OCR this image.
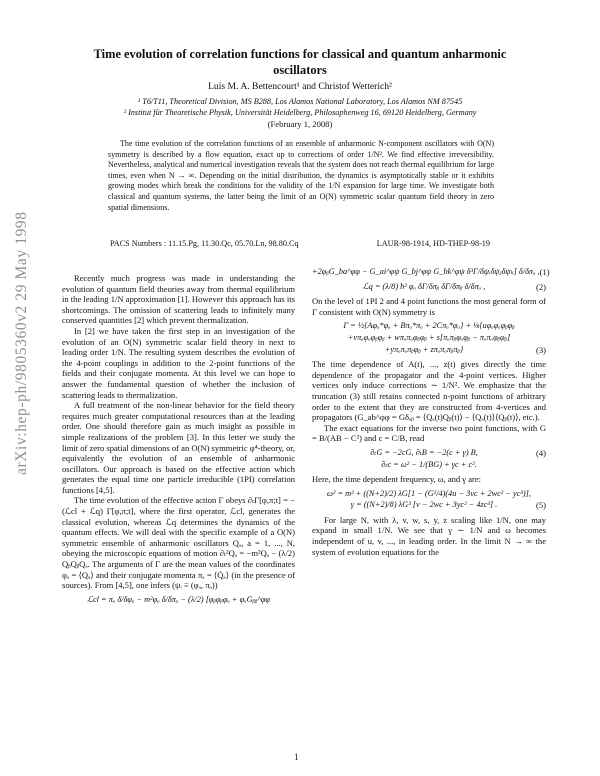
arXiv:hep-ph/9805360v2 29 May 1998
Time evolution of correlation functions for classical and quantum anharmonic
oscillators
Luís M. A. Bettencourt¹ and Christof Wetterich²
¹ T6/T11, Theoretical Division, MS B288, Los Alamos National Laboratory, Los Alamos NM 87545
² Institut für Theoretische Physik, Universität Heidelberg, Philosophenweg 16, 69120 Heidelberg, Germany
(February 1, 2008)
The time evolution of the correlation functions of an ensemble of anharmonic N-component oscillators with O(N) symmetry is described by a flow equation, exact up to corrections of order 1/N². We find effective irreversibility. Nevertheless, analytical and numerical investigation reveals that the system does not reach thermal equilibrium for large times, even when N → ∞. Depending on the initial distribution, the dynamics is asymptotically stable or it exhibits growing modes which break the conditions for the validity of the 1/N expansion for large time. We investigate both classical and quantum systems, the latter being the limit of an O(N) symmetric scalar quantum field theory in zero spatial dimensions.
PACS Numbers : 11.15.Pg, 11.30.Qc, 05.70.Ln, 98.80.Cq	LAUR-98-1914, HD-THEP-98-19

Recently much progress was made in understanding the evolution of quantum field theories away from thermal equilibrium in the leading 1/N approximation [1]. However this approach has its shortcomings. The omission of scattering leads to infinitely many conserved quantities [2] which prevent thermalization.

In [2] we have taken the first step in an investigation of the evolution of an O(N) symmetric scalar field theory in next to leading order 1/N. The resulting system describes the evolution of the 4-point couplings in addition to the 2-point functions of the fields and their conjugate momenta. At this level we can hope to answer the fundamental question of whether the inclusion of scattering leads to thermalization.

A full treatment of the non-linear behavior for the field theory requires much greater computational resources than at the leading order. One should therefore gain as much insight as possible in simple realizations of the problem [3]. In this letter we study the limit of zero spatial dimensions of an O(N) symmetric φ⁴-theory, or, equivalently the evolution of an ensemble of anharmonic oscillators. Our approach is based on the effective action which generates the equal time one particle irreducible (1PI) correlation functions [4,5].

The time evolution of the effective action Γ obeys ∂ₜΓ[φ,π;t] = −(ℒcl + ℒq) Γ[φ,π;t], where the first operator, ℒcl, generates the classical evolution, whereas ℒq determines the dynamics of the quantum effects. We will deal with the specific example of a O(N) symmetric ensemble of anharmonic oscillators Qₐ, a = 1, ..., N, obeying the microscopic equations of motion ∂ₜ²Qₐ = −m²Qₐ − (λ/2) QᵦQᵦQₐ. The arguments of Γ are the mean values of the coordinates φₐ = ⟨Qₐ⟩ and their conjugate momenta πₐ = ⟨Q̇ₐ⟩ (in the presence of sources). From [4,5], one infers (ψᵢ ≡ (φₐ, πₐ))

ℒcl = πₐ δ/δφₐ − m²φₐ δ/δπₐ − (λ/2) [φᵦφᵦφₐ + φₐGᵦᵦ^φφ
+2φᵦG_ba^φφ − G_ai^φψ G_bj^φψ G_bk^φψ δ³Γ/δψᵢδψⱼδψₖ] δ/δπₐ , (1)
ℒq = (λ/8) ħ² φₐ δΓ/δπᵦ δΓ/δπᵦ δ/δπₐ ,	(2)

On the level of 1PI 2 and 4 point functions the most general form of Γ consistent with O(N) symmetry is

Γ = ½{Aφₐ*φₐ + Bπₐ*πₐ + 2Cπₐ*φₐ} + ⅛{uφₐφₐφᵦφᵦ
+vπₐφₐφᵦφᵦ + wπₐπₐφᵦφᵦ + s[πₐπᵦφₐφᵦ − πₐπₐφᵦφᵦ]
+yπₐπₐπᵦφᵦ + zπₐπₐπᵦπᵦ}	(3)

The time dependence of A(t), ..., z(t) gives directly the time dependence of the propagator and the 4-point vertices. Higher vertices only induce corrections ∼ 1/N². We emphasize that the truncation (3) still retains connected n-point functions of arbitrary order to the extent that they are constructed from 4-vertices and propagators (G_ab^φφ = Gδₐᵦ = ⟨Qₐ(t)Qᵦ(t)⟩ − ⟨Qₐ(t)⟩⟨Qᵦ(t)⟩, etc.).

The exact equations for the inverse two point functions, with G = B/(AB − C²) and c = C/B, read

∂ₜG = −2cG, ∂ₜB = −2(c + γ) B,	(4)
∂ₜc = ω² − 1/(BG) + γc + c².

Here, the time dependent frequency, ω, and γ are:

ω² = m² + ((N+2)/2) λG[1 − (G²/4)(4u − 3vc + 2wc² − yc³)],
γ = ((N+2)/8) λG³ [v − 2wc + 3yc² − 4zc³] .	(5)

For large N, with λ, v, w, s, y, z scaling like 1/N, one may expand in small 1/N. We see that γ ∼ 1/N and ω becomes independent of u, v, ..., in leading order. In the limit N → ∞ the system of evolution equations for the

1
